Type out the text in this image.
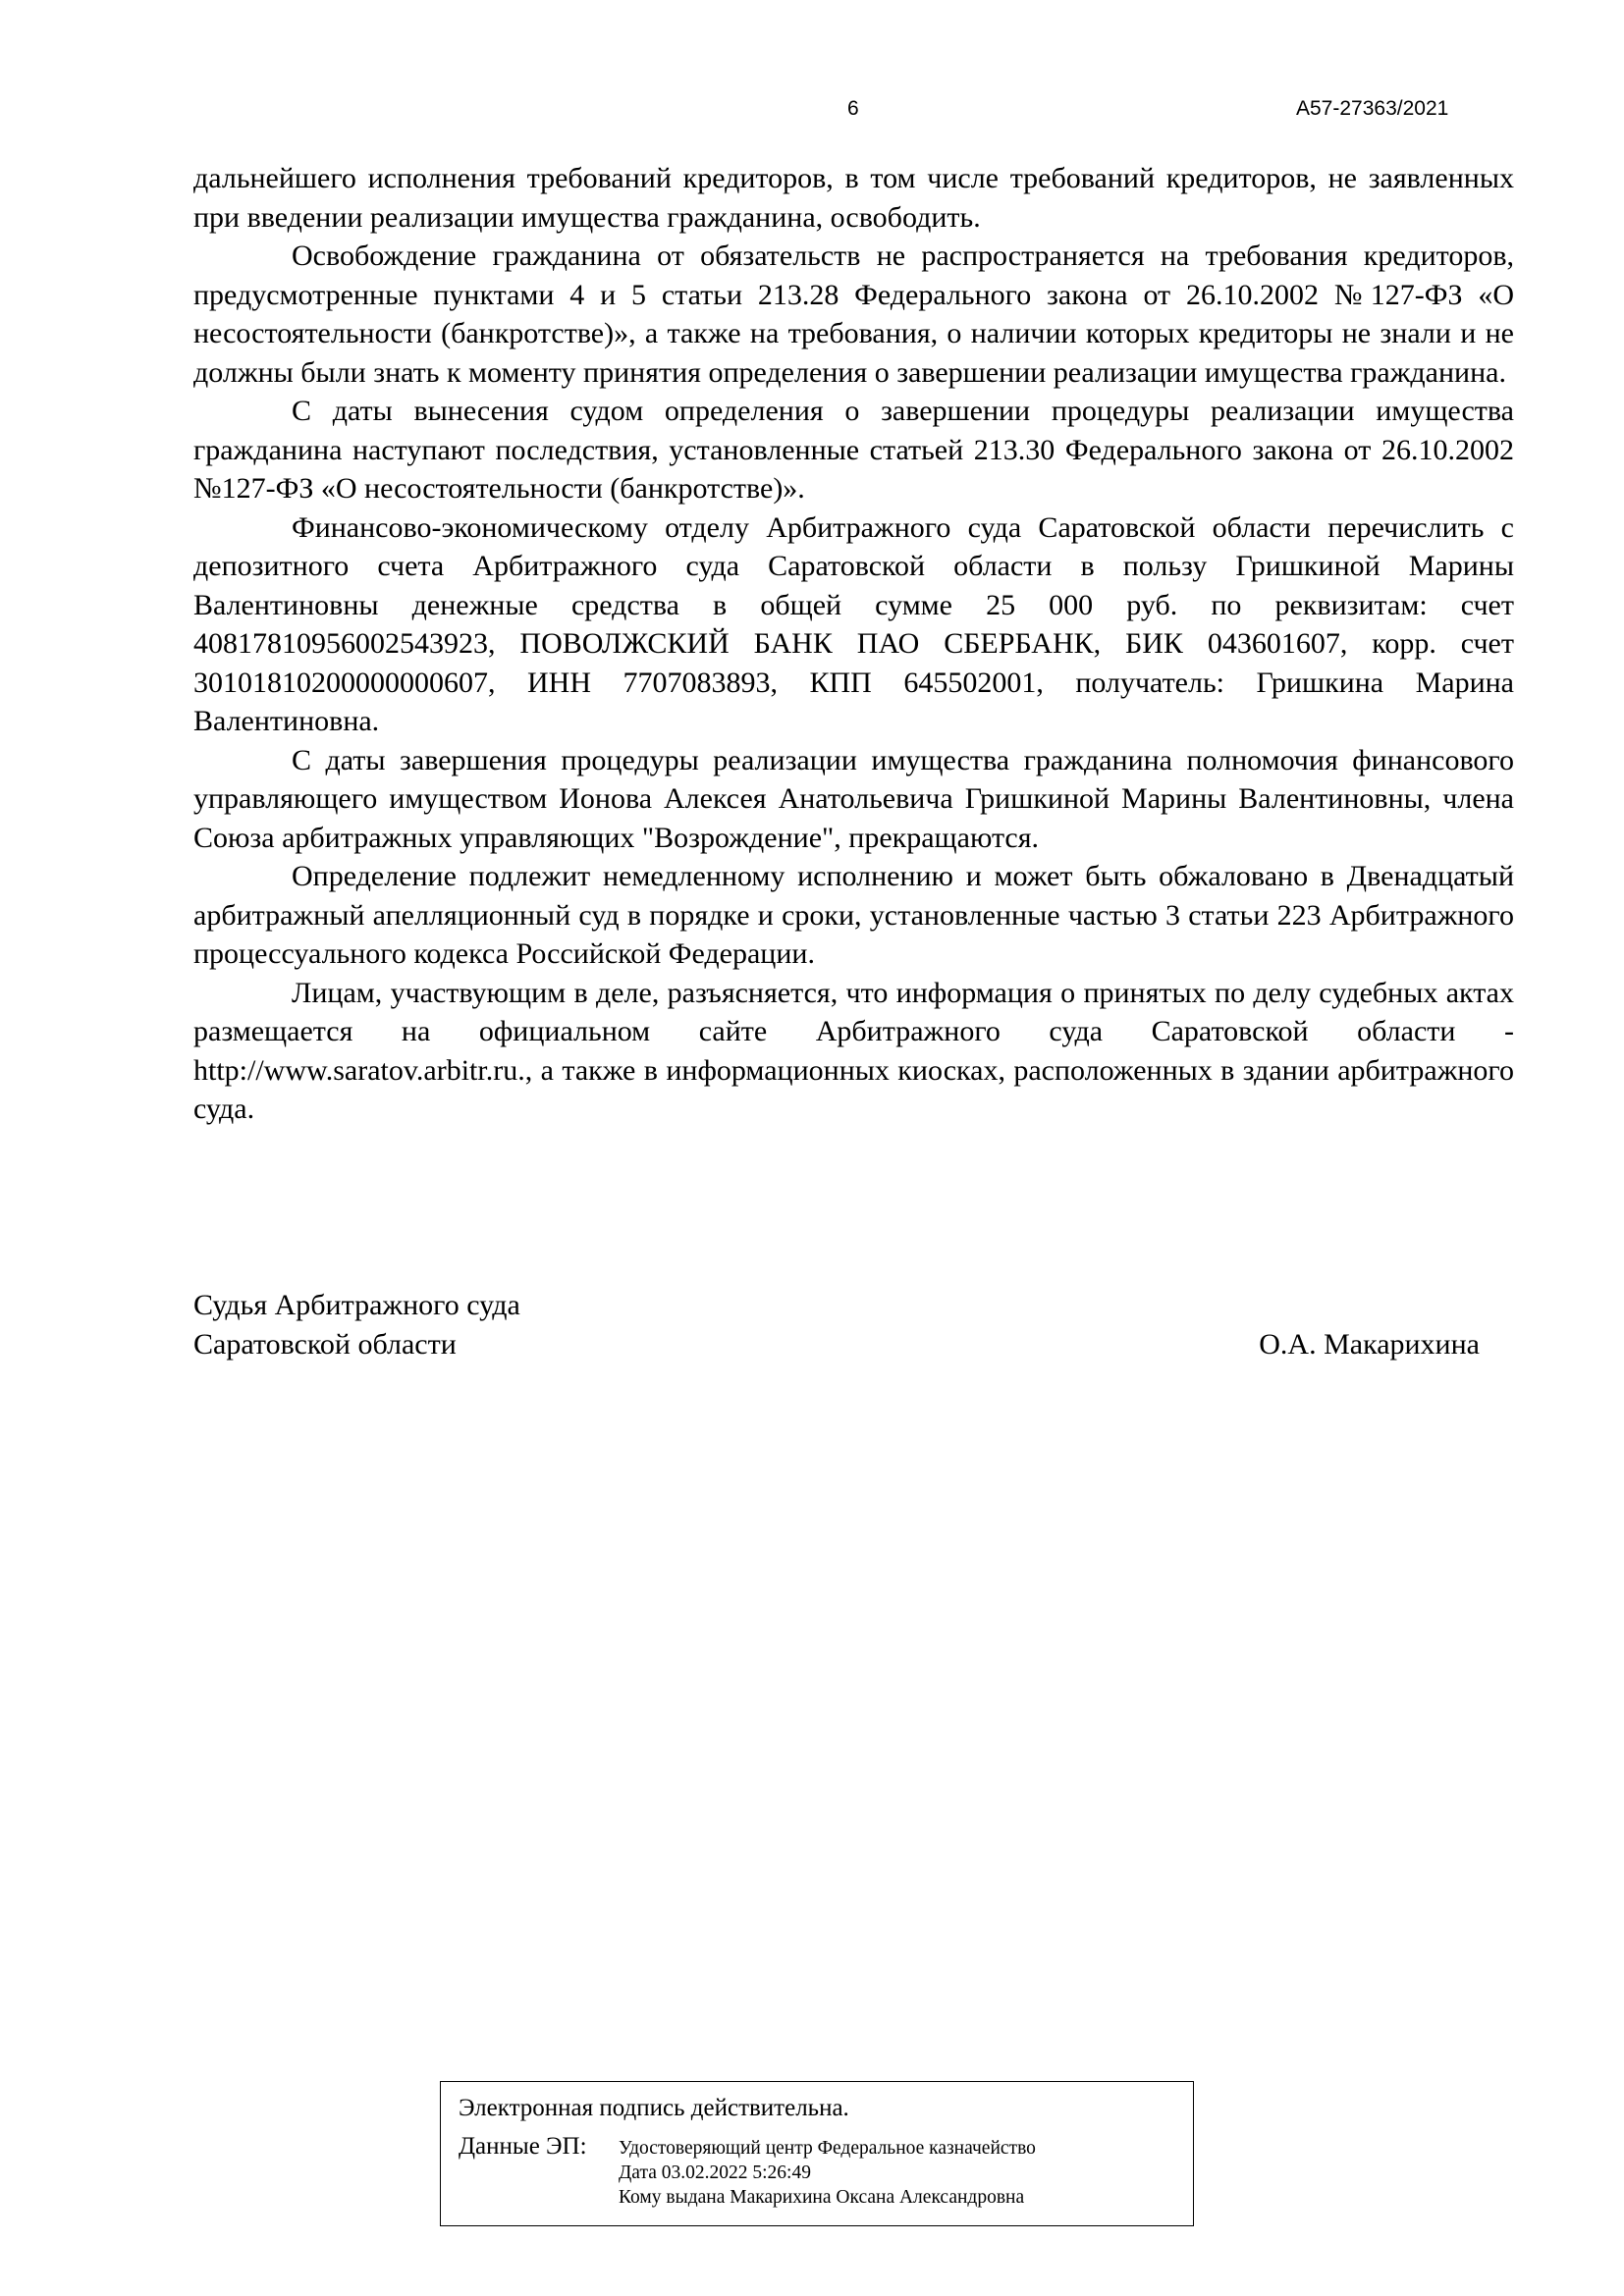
6	А57-27363/2021

дальнейшего исполнения требований кредиторов, в том числе требований кредиторов, не заявленных при введении реализации имущества гражданина, освободить.

Освобождение гражданина от обязательств не распространяется на требования кредиторов, предусмотренные пунктами 4 и 5 статьи 213.28 Федерального закона от 26.10.2002 №127-ФЗ «О несостоятельности (банкротстве)», а также на требования, о наличии которых кредиторы не знали и не должны были знать к моменту принятия определения о завершении реализации имущества гражданина.

С даты вынесения судом определения о завершении процедуры реализации имущества гражданина наступают последствия, установленные статьей 213.30 Федерального закона от 26.10.2002 №127-ФЗ «О несостоятельности (банкротстве)».

Финансово-экономическому отделу Арбитражного суда Саратовской области перечислить с депозитного счета Арбитражного суда Саратовской области в пользу Гришкиной Марины Валентиновны денежные средства в общей сумме 25 000 руб. по реквизитам: счет 40817810956002543923, ПОВОЛЖСКИЙ БАНК ПАО СБЕРБАНК, БИК 043601607, корр. счет 30101810200000000607, ИНН 7707083893, КПП 645502001, получатель: Гришкина Марина Валентиновна.

С даты завершения процедуры реализации имущества гражданина полномочия финансового управляющего имуществом Ионова Алексея Анатольевича Гришкиной Марины Валентиновны, члена Союза арбитражных управляющих "Возрождение", прекращаются.

Определение подлежит немедленному исполнению и может быть обжаловано в Двенадцатый арбитражный апелляционный суд в порядке и сроки, установленные частью 3 статьи 223 Арбитражного процессуального кодекса Российской Федерации.

Лицам, участвующим в деле, разъясняется, что информация о принятых по делу судебных актах размещается на официальном сайте Арбитражного суда Саратовской области - http://www.saratov.arbitr.ru., а также в информационных киосках, расположенных в здании арбитражного суда.

Судья Арбитражного суда
Саратовской области	О.А. Макарихина
Электронная подпись действительна.
Данные ЭП:	Удостоверяющий центр Федеральное казначейство
Дата 03.02.2022 5:26:49
Кому выдана Макарихина Оксана Александровна
